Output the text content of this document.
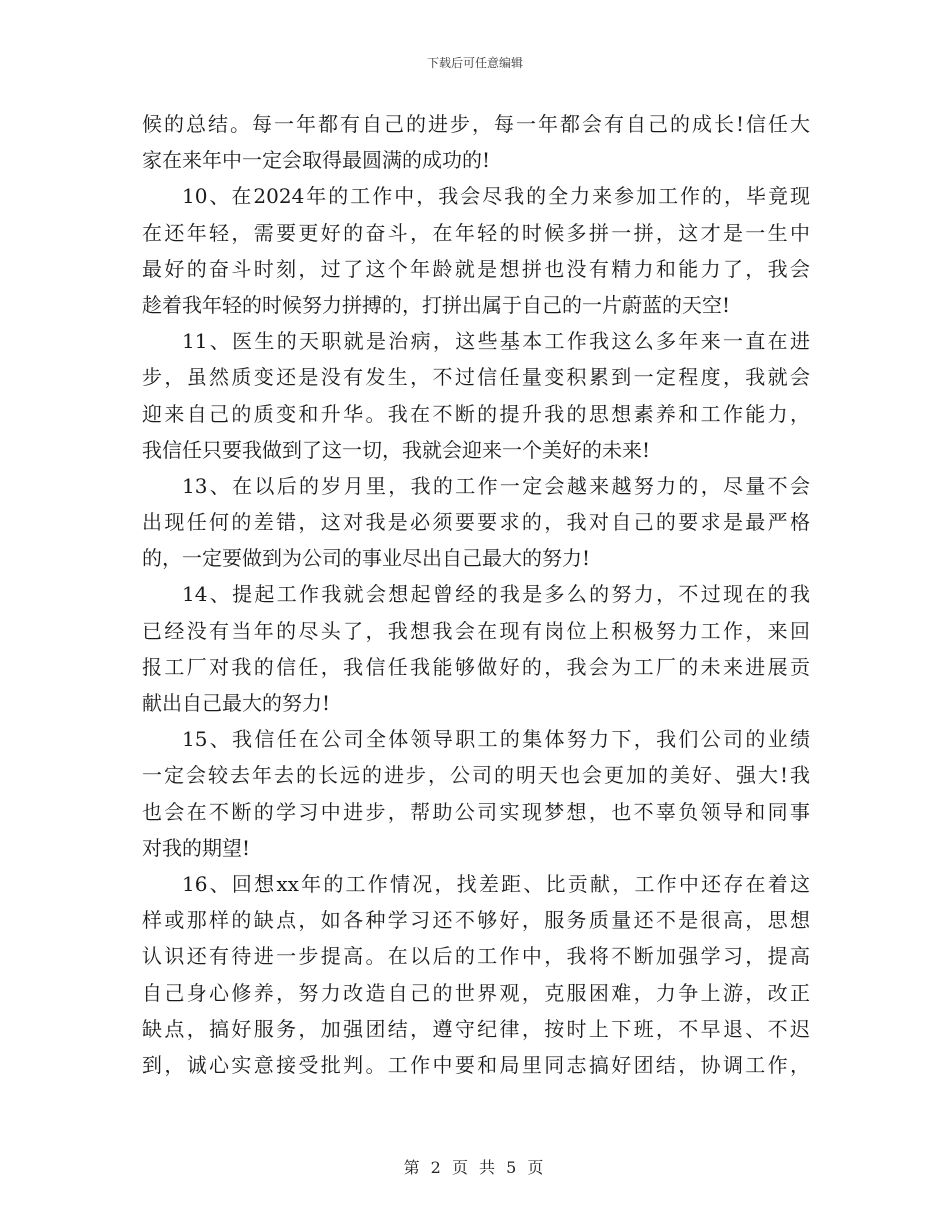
下载后可任意编辑
候的总结。每一年都有自己的进步，每一年都会有自己的成长!信任大
家在来年中一定会取得最圆满的成功的!
10、在2024年的工作中，我会尽我的全力来参加工作的，毕竟现
在还年轻，需要更好的奋斗，在年轻的时候多拼一拼，这才是一生中
最好的奋斗时刻，过了这个年龄就是想拼也没有精力和能力了，我会
趁着我年轻的时候努力拼搏的，打拼出属于自己的一片蔚蓝的天空!
11、医生的天职就是治病，这些基本工作我这么多年来一直在进
步，虽然质变还是没有发生，不过信任量变积累到一定程度，我就会
迎来自己的质变和升华。我在不断的提升我的思想素养和工作能力，
我信任只要我做到了这一切，我就会迎来一个美好的未来!
13、在以后的岁月里，我的工作一定会越来越努力的，尽量不会
出现任何的差错，这对我是必须要要求的，我对自己的要求是最严格
的，一定要做到为公司的事业尽出自己最大的努力!
14、提起工作我就会想起曾经的我是多么的努力，不过现在的我
已经没有当年的尽头了，我想我会在现有岗位上积极努力工作，来回
报工厂对我的信任，我信任我能够做好的，我会为工厂的未来进展贡
献出自己最大的努力!
15、我信任在公司全体领导职工的集体努力下，我们公司的业绩
一定会较去年去的长远的进步，公司的明天也会更加的美好、强大!我
也会在不断的学习中进步，帮助公司实现梦想，也不辜负领导和同事
对我的期望!
16、回想xx年的工作情况，找差距、比贡献，工作中还存在着这
样或那样的缺点，如各种学习还不够好，服务质量还不是很高，思想
认识还有待进一步提高。在以后的工作中，我将不断加强学习，提高
自己身心修养，努力改造自己的世界观，克服困难，力争上游，改正
缺点，搞好服务，加强团结，遵守纪律，按时上下班，不早退、不迟
到，诚心实意接受批判。工作中要和局里同志搞好团结，协调工作，
第 2 页 共 5 页
